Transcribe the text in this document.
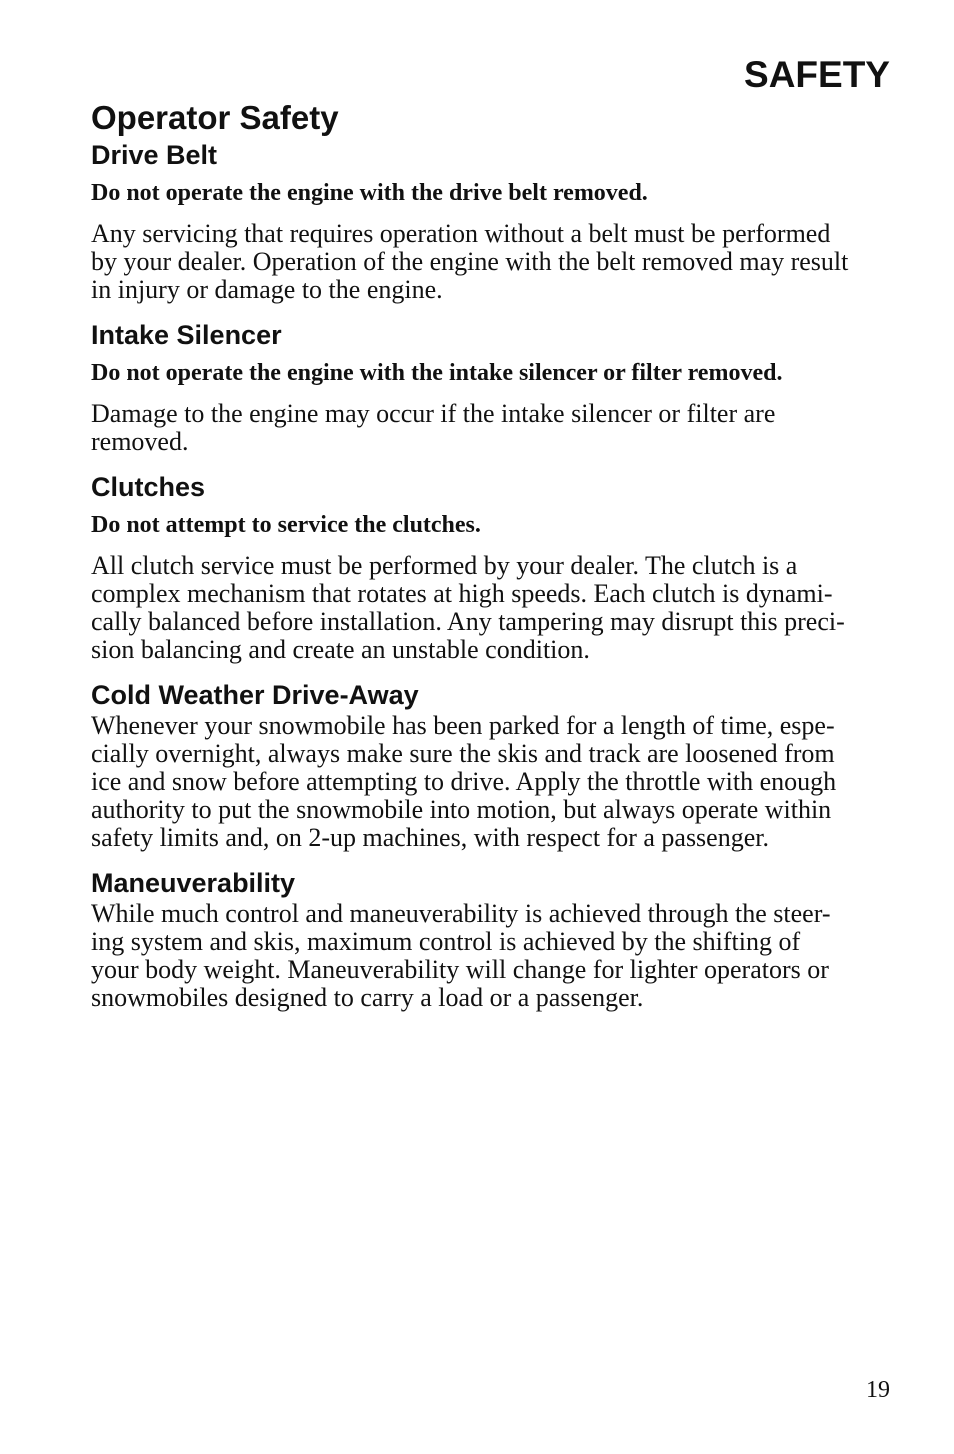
SAFETY
Operator Safety
Drive Belt

Do not operate the engine with the drive belt removed.

Any servicing that requires operation without a belt must be performed
by your dealer. Operation of the engine with the belt removed may result
in injury or damage to the engine.

Intake Silencer

Do not operate the engine with the intake silencer or filter removed.

Damage to the engine may occur if the intake silencer or filter are
removed.

Clutches

Do not attempt to service the clutches.

All clutch service must be performed by your dealer. The clutch is a
complex mechanism that rotates at high speeds. Each clutch is dynami-
cally balanced before installation. Any tampering may disrupt this preci-
sion balancing and create an unstable condition.

Cold Weather Drive-Away

Whenever your snowmobile has been parked for a length of time, espe-
cially overnight, always make sure the skis and track are loosened from
ice and snow before attempting to drive. Apply the throttle with enough
authority to put the snowmobile into motion, but always operate within
safety limits and, on 2-up machines, with respect for a passenger.

Maneuverability

While much control and maneuverability is achieved through the steer-
ing system and skis, maximum control is achieved by the shifting of
your body weight. Maneuverability will change for lighter operators or
snowmobiles designed to carry a load or a passenger.

19
